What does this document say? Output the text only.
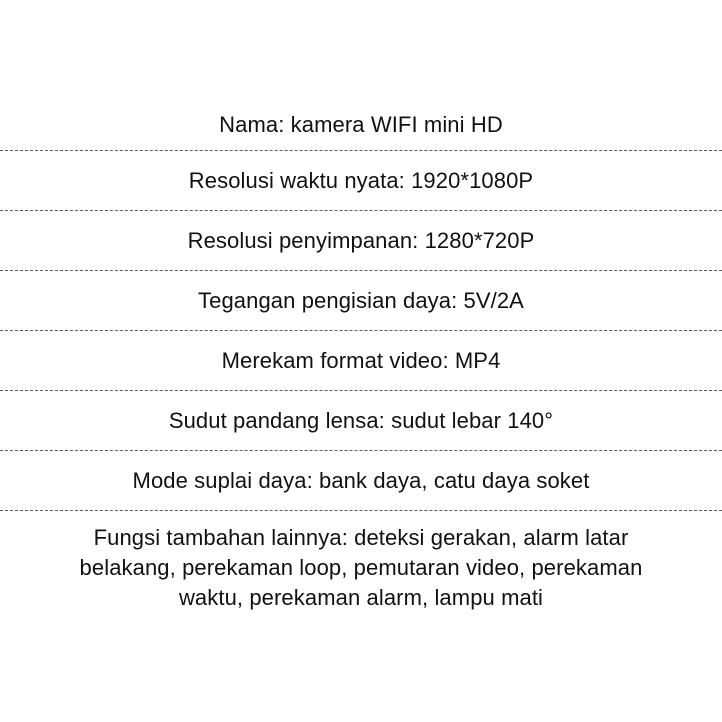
Nama: kamera WIFI mini HD
Resolusi waktu nyata: 1920*1080P
Resolusi penyimpanan: 1280*720P
Tegangan pengisian daya: 5V/2A
Merekam format video: MP4
Sudut pandang lensa: sudut lebar 140°
Mode suplai daya: bank daya, catu daya soket
Fungsi tambahan lainnya: deteksi gerakan, alarm latar
belakang, perekaman loop, pemutaran video, perekaman
waktu, perekaman alarm, lampu mati
